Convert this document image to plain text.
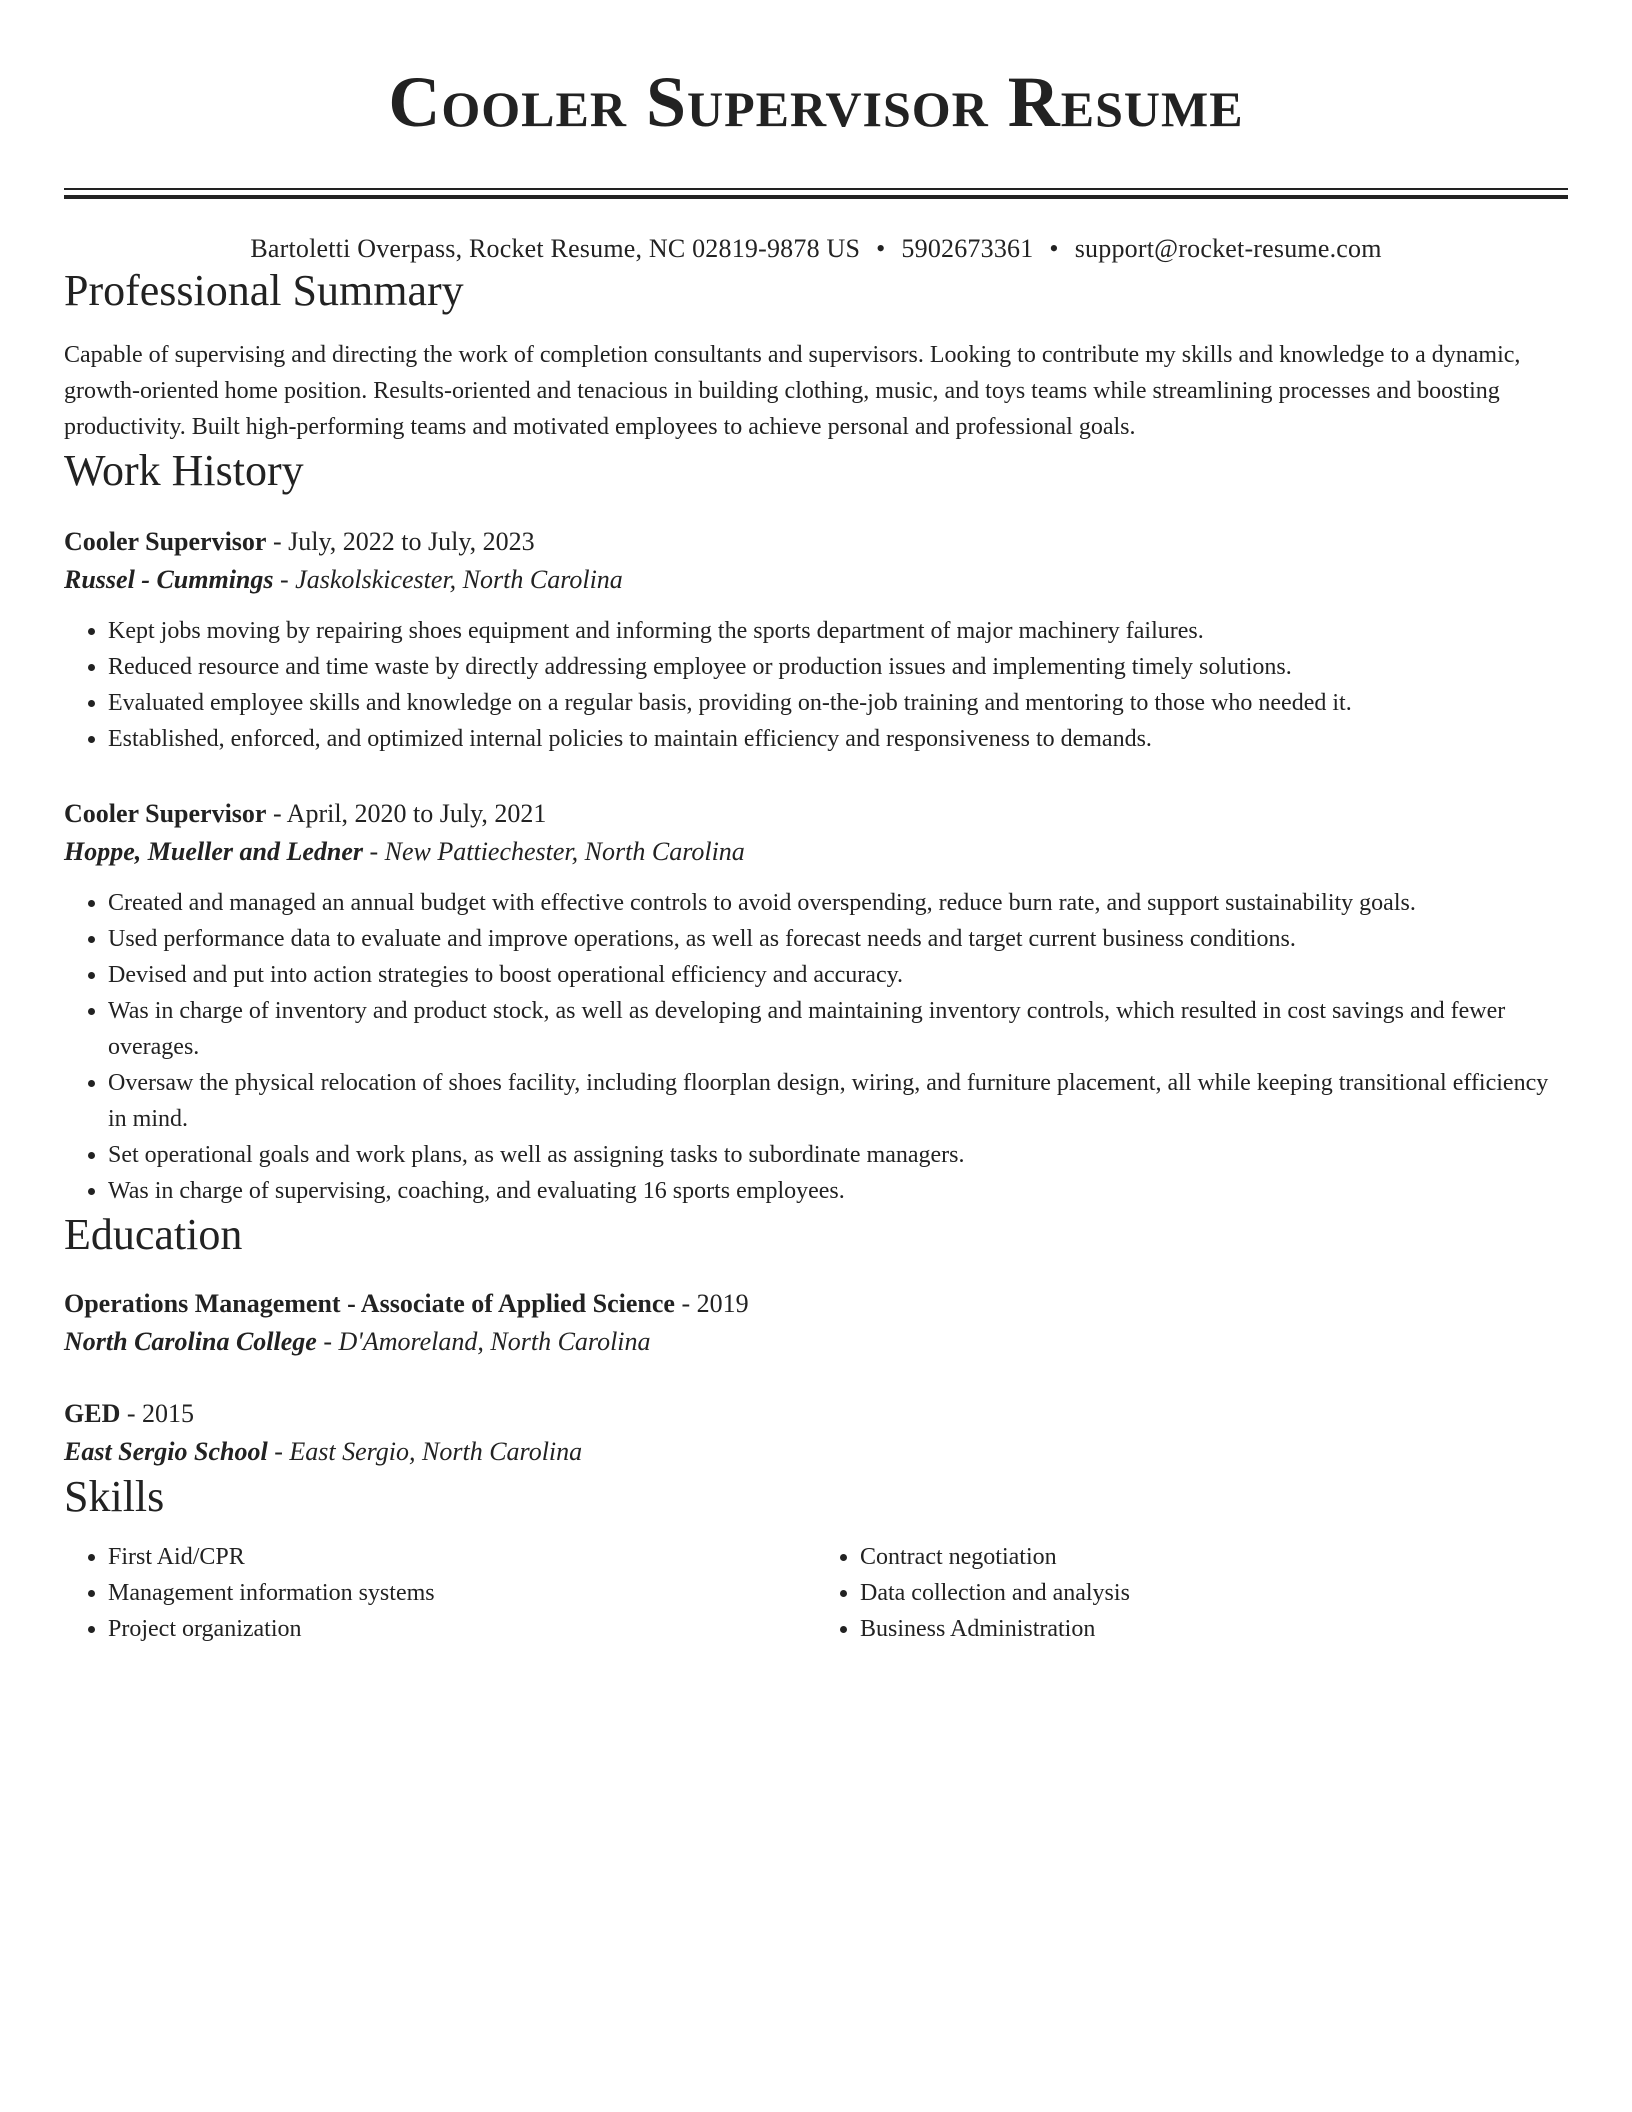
Cooler Supervisor Resume
Bartoletti Overpass, Rocket Resume, NC 02819-9878 US • 5902673361 • support@rocket-resume.com
Professional Summary

Capable of supervising and directing the work of completion consultants and supervisors. Looking to contribute my skills and knowledge to a dynamic, growth-oriented home position. Results-oriented and tenacious in building clothing, music, and toys teams while streamlining processes and boosting productivity. Built high-performing teams and motivated employees to achieve personal and professional goals.

Work History
Cooler Supervisor - July, 2022 to July, 2023
Russel - Cummings - Jaskolskicester, North Carolina
• Kept jobs moving by repairing shoes equipment and informing the sports department of major machinery failures.
• Reduced resource and time waste by directly addressing employee or production issues and implementing timely solutions.
• Evaluated employee skills and knowledge on a regular basis, providing on-the-job training and mentoring to those who needed it.
• Established, enforced, and optimized internal policies to maintain efficiency and responsiveness to demands.
Cooler Supervisor - April, 2020 to July, 2021
Hoppe, Mueller and Ledner - New Pattiechester, North Carolina
• Created and managed an annual budget with effective controls to avoid overspending, reduce burn rate, and support sustainability goals.
• Used performance data to evaluate and improve operations, as well as forecast needs and target current business conditions.
• Devised and put into action strategies to boost operational efficiency and accuracy.
• Was in charge of inventory and product stock, as well as developing and maintaining inventory controls, which resulted in cost savings and fewer overages.
• Oversaw the physical relocation of shoes facility, including floorplan design, wiring, and furniture placement, all while keeping transitional efficiency in mind.
• Set operational goals and work plans, as well as assigning tasks to subordinate managers.
• Was in charge of supervising, coaching, and evaluating 16 sports employees.
Education
Operations Management - Associate of Applied Science - 2019
North Carolina College - D'Amoreland, North Carolina
GED - 2015
East Sergio School - East Sergio, North Carolina
Skills
• First Aid/CPR
• Management information systems
• Project organization
• Contract negotiation
• Data collection and analysis
• Business Administration
